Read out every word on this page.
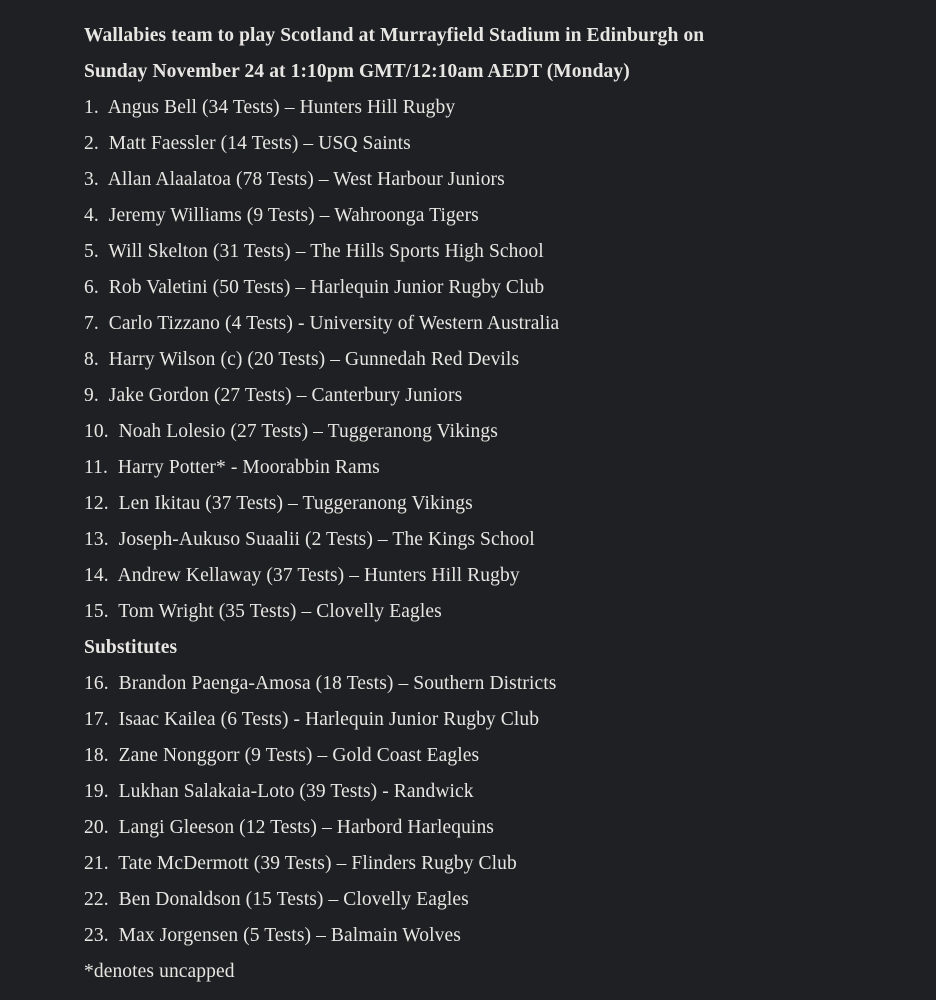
Wallabies team to play Scotland at Murrayfield Stadium in Edinburgh on
Sunday November 24 at 1:10pm GMT/12:10am AEDT (Monday)
1.  Angus Bell (34 Tests) – Hunters Hill Rugby
2.  Matt Faessler (14 Tests) – USQ Saints
3.  Allan Alaalatoa (78 Tests) – West Harbour Juniors
4.  Jeremy Williams (9 Tests) – Wahroonga Tigers
5.  Will Skelton (31 Tests) – The Hills Sports High School
6.  Rob Valetini (50 Tests) – Harlequin Junior Rugby Club
7.  Carlo Tizzano (4 Tests) - University of Western Australia
8.  Harry Wilson (c) (20 Tests) – Gunnedah Red Devils
9.  Jake Gordon (27 Tests) – Canterbury Juniors
10.  Noah Lolesio (27 Tests) – Tuggeranong Vikings
11.  Harry Potter* - Moorabbin Rams
12.  Len Ikitau (37 Tests) – Tuggeranong Vikings
13.  Joseph-Aukuso Suaalii (2 Tests) – The Kings School
14.  Andrew Kellaway (37 Tests) – Hunters Hill Rugby
15.  Tom Wright (35 Tests) – Clovelly Eagles
Substitutes
16.  Brandon Paenga-Amosa (18 Tests) – Southern Districts
17.  Isaac Kailea (6 Tests) - Harlequin Junior Rugby Club
18.  Zane Nonggorr (9 Tests) – Gold Coast Eagles
19.  Lukhan Salakaia-Loto (39 Tests) - Randwick
20.  Langi Gleeson (12 Tests) – Harbord Harlequins
21.  Tate McDermott (39 Tests) – Flinders Rugby Club
22.  Ben Donaldson (15 Tests) – Clovelly Eagles
23.  Max Jorgensen (5 Tests) – Balmain Wolves
*denotes uncapped
